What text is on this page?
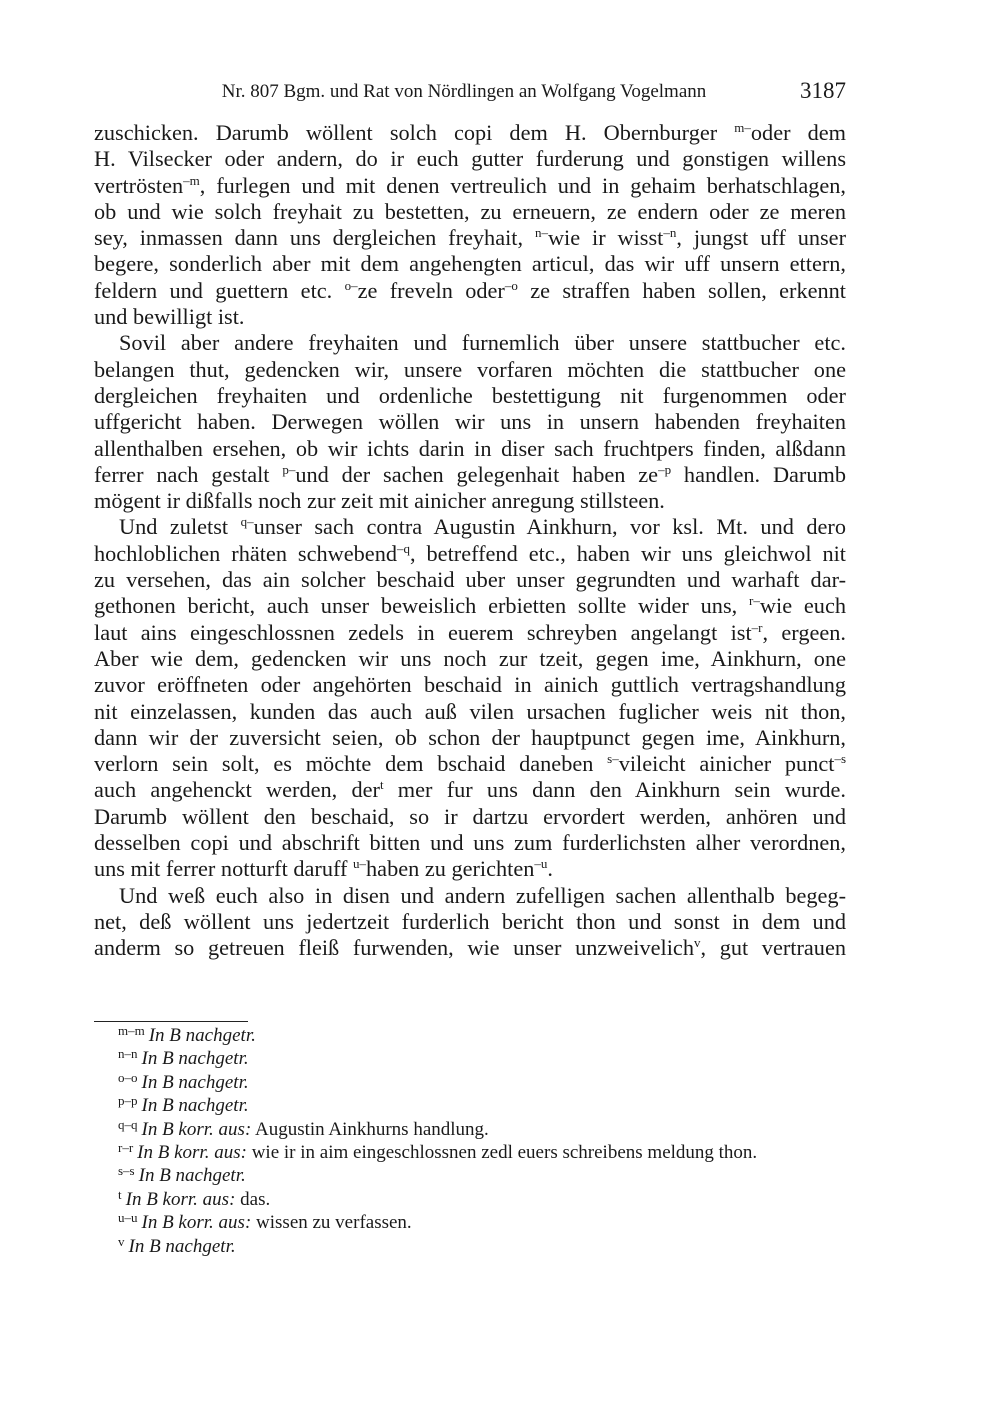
Nr. 807 Bgm. und Rat von Nördlingen an Wolfgang Vogelmann	3187
zuschicken. Darumb wöllent solch copi dem H. Obernburger $^{m-}$oder dem
H. Vilsecker oder andern, do ir euch gutter furderung und gonstigen willens
vertrösten$^{-m}$, furlegen und mit denen vertreulich und in gehaim berhatschlagen,
ob und wie solch freyhait zu bestetten, zu erneuern, ze endern oder ze meren
sey, inmassen dann uns dergleichen freyhait, $^{n-}$wie ir wisst$^{-n}$, jungst uff unser
begere, sonderlich aber mit dem angehengten articul, das wir uff unsern ettern,
feldern und guettern etc. $^{o-}$ze freveln oder$^{-o}$ ze straffen haben sollen, erkennt
und bewilligt ist.
Sovil aber andere freyhaiten und furnemlich über unsere stattbucher etc.
belangen thut, gedencken wir, unsere vorfaren möchten die stattbucher one
dergleichen freyhaiten und ordenliche bestettigung nit furgenommen oder
uffgericht haben. Derwegen wöllen wir uns in unsern habenden freyhaiten
allenthalben ersehen, ob wir ichts darin in diser sach fruchtpers finden, alßdann
ferrer nach gestalt $^{p-}$und der sachen gelegenhait haben $ze^{-p}$ handlen. Darumb
mögent ir dißfalls noch zur zeit mit ainicher anregung stillsteen.
Und zuletst $^{q-}$unser sach contra Augustin Ainkhurn, vor ksl. Mt. und dero
hochloblichen rhäten schwebend$^{-q}$, betreffend etc., haben wir uns gleichwol nit
zu versehen, das ain solcher beschaid uber unser gegrundten und warhaft dar-
gethonen bericht, auch unser beweislich erbietten sollte wider uns, $^{r-}$wie euch
laut ains eingeschlossnen zedels in euerem schreyben angelangt ist$^{-r}$, ergeen.
Aber wie dem, gedencken wir uns noch zur tzeit, gegen ime, Ainkhurn, one
zuvor eröffneten oder angehörten beschaid in ainich guttlich vertragshandlung
nit einzelassen, kunden das auch auß vilen ursachen fuglicher weis nit thon,
dann wir der zuversicht seien, ob schon der hauptpunct gegen ime, Ainkhurn,
verlorn sein solt, es möchte dem bschaid daneben $^{s-}$vileicht ainicher punct$^{-s}$
auch angehenckt werden, der$^t$ mer fur uns dann den Ainkhurn sein wurde.
Darumb wöllent den beschaid, so ir dartzu ervordert werden, anhören und
desselben copi und abschrift bitten und uns zum furderlichsten alher verordnen,
uns mit ferrer notturft daruff $^{u-}$haben zu gerichten$^{-u}$.
Und weß euch also in disen und andern zufelligen sachen allenthalb begeg-
net, deß wöllent uns jedertzeit furderlich bericht thon und sonst in dem und
anderm so getreuen fleiß furwenden, wie unser unzweivelich$^v$, gut vertrauen
$^{m-m}$ In B nachgetr.
$^{n-n}$ In B nachgetr.
$^{o-o}$ In B nachgetr.
$^{p-p}$ In B nachgetr.
$^{q-q}$ In B korr. aus: Augustin Ainkhurns handlung.
$^{r-r}$ In B korr. aus: wie ir in aim eingeschlossnen zedl euers schreibens meldung thon.
$^{s-s}$ In B nachgetr.
$^t$ In B korr. aus: das.
$^{u-u}$ In B korr. aus: wissen zu verfassen.
$^v$ In B nachgetr.
